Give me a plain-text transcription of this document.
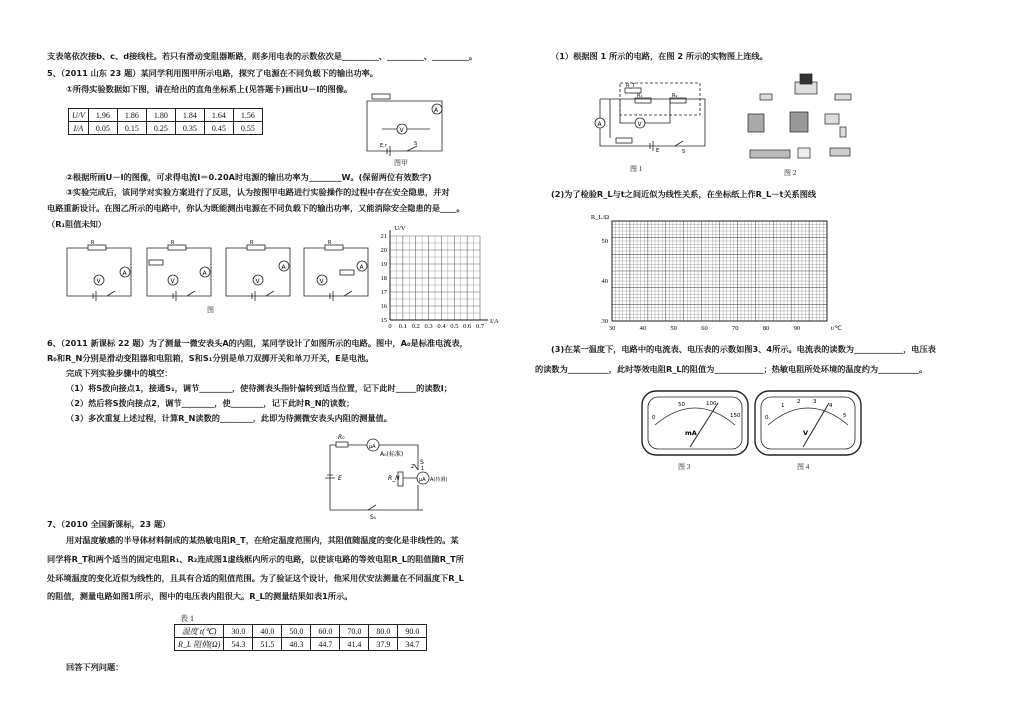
支表笔依次接b、c、d接线柱。若只有滑动变阻器断路，则多用电表的示数依次是_________、_________、_________。
5、（2011 山东 23 题）某同学利用图甲所示电路，探究了电源在不同负载下的输出功率。
①所得实验数据如下图，请在给出的直角坐标系上(见答题卡)画出U－I的图像。
U/V	1.96	1.86	1.80	1.84	1.64	1.56
I/A	0.05	0.15	0.25	0.35	0.45	0.55
A
V
E,r	S
图甲
②根据所画U－I的图像，可求得电流I＝0.20A时电源的输出功率为________W。(保留两位有效数字)
③实验完成后，该同学对实验方案进行了反思，认为按图甲电路进行实验操作的过程中存在安全隐患，并对
电路重新设计。在图乙所示的电路中，你认为既能测出电源在不同负载下的输出功率，又能消除安全隐患的是____。
（R₁阻值未知）
A
V
R
A
V
R
A
V
R
A
V
R
图
21
20
19
18
17
16
15
0 0.1 0.2 0.3 0.4 0.5 0.6 0.7
U/V
I/A
6、（2011 新课标 22 题）为了测量一微安表头A的内阻，某同学设计了如图所示的电路。图中，A₀是标准电流表，
R₀和R_N分别是滑动变阻器和电阻箱，S和S₁分别是单刀双掷开关和单刀开关，E是电池。
完成下列实验步骤中的填空：
（1）将S拨向接点1，接通S₁，调节________，使待测表头指针偏转到适当位置，记下此时_____的读数I；
（2）然后将S拨向接点2，调节________，使________，记下此时R_N的读数；
（3）多次重复上述过程，计算R_N读数的________，此即为待测微安表头内阻的测量值。
R₀
μA
A₀(标准)
μA A(待测)
S
E
S₁
R_N
1
2
7、（2010 全国新课标，23 题）
用对温度敏感的半导体材料制成的某热敏电阻R_T，在给定温度范围内，其阻值随温度的变化是非线性的。某
同学将R_T和两个适当的固定电阻R₁、R₂连成图1虚线框内所示的电路，以使该电路的等效电阻R_L的阻值随R_T所
处环境温度的变化近似为线性的，且具有合适的阻值范围。为了验证这个设计，他采用伏安法测量在不同温度下R_L
的阻值，测量电路如图1所示，图中的电压表内阻很大。R_L的测量结果如表1所示。
表 1
温度 t(℃)	30.0	40.0	50.0	60.0	70.0	80.0	90.0
R_L 阻值(Ω)	54.3	51.5	48.3	44.7	41.4	37.9	34.7
回答下列问题：
（1）根据图 1 所示的电路，在图 2 所示的实物图上连线。
A	V
R_T
R₁	R₂
E	S
图 1	图 2
(2)为了检验R_L与t之间近似为线性关系，在坐标纸上作R_L－t关系图线
50
40
30
30	40	50	60	70	80	90
R_L/Ω
t/℃
(3)在某一温度下，电路中的电流表、电压表的示数如图3、4所示。电流表的读数为____________，电压表
的读数为__________，此时等效电阻R_L的阻值为____________；热敏电阻所处环境的温度约为__________。
0
50	100
150
mA
图 3
0
1
2 3
4
5
V
图 4
